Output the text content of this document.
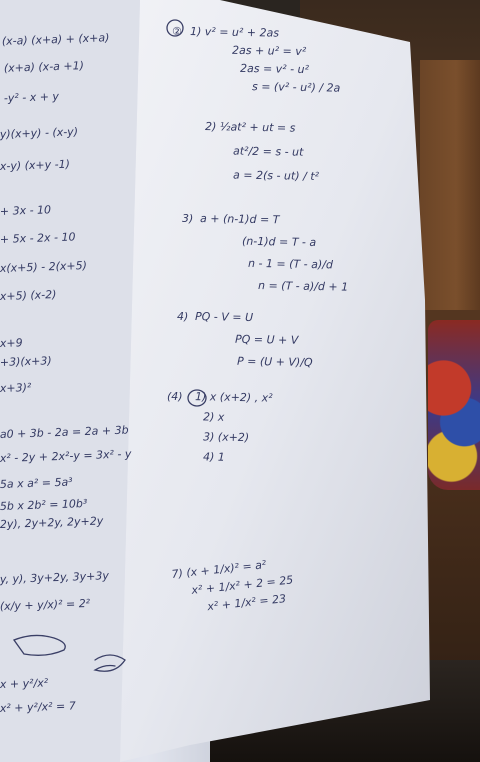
(x-a) (x+a) + (x+a)
(x+a) (x-a +1)
-y² - x + y
y)(x+y) - (x-y)
x-y) (x+y -1)
+ 3x - 10
+ 5x - 2x - 10
x(x+5) - 2(x+5)
x+5) (x-2)
x+9
+3)(x+3)
x+3)²
a0 + 3b - 2a = 2a + 3b
x² - 2y + 2x²-y = 3x² - y
5a x a² = 5a³
5b x 2b² = 10b³
2y), 2y+2y, 2y+2y
y, y), 3y+2y, 3y+3y
(x/y + y/x)² = 2²
x + y²/x²
x² + y²/x² = 7
② 1) v² = u² + 2as
2as + u² = v²
2as = v² - u²
s = (v² - u²) / 2a
2) ½at² + ut = s
at²/2 = s - ut
a = 2(s - ut) / t²
3) a + (n-1)d = T
(n-1)d = T - a
n - 1 = (T - a)/d
n = (T - a)/d + 1
4) PQ - V = U
PQ = U + V
P = (U + V)/Q
(4) 1) x (x+2) , x²
2) x
3) (x+2)
4) 1
7) (x + 1/x)² = a²
x² + 1/x² + 2 = 25
x² + 1/x² = 23
